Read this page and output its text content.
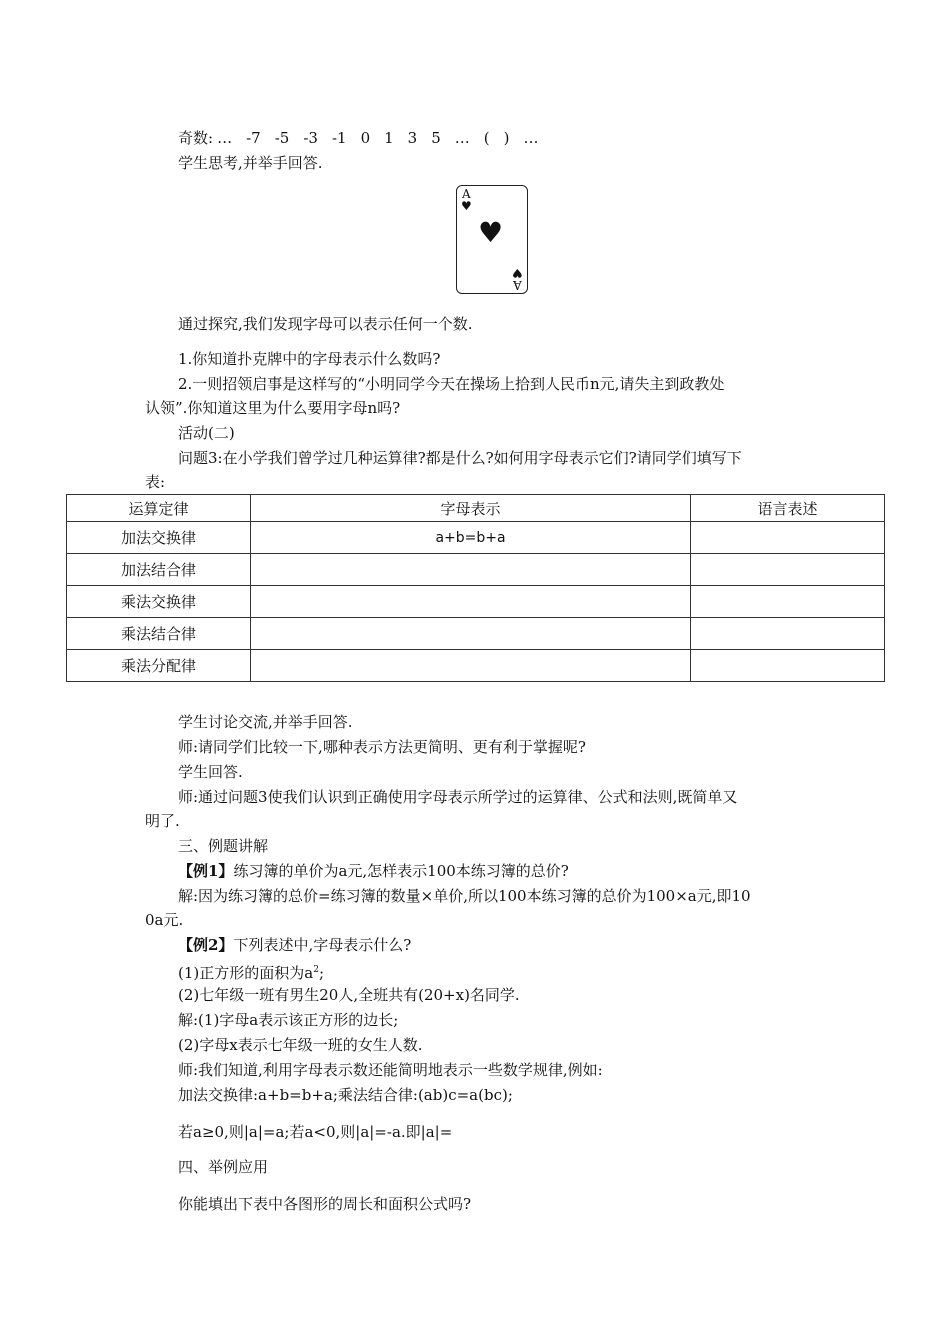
奇数: … -7 -5 -3 -1 0 1 3 5 … ( ) …
学生思考,并举手回答.
A
♥
♥
A
♥
通过探究,我们发现字母可以表示任何一个数.
1.你知道扑克牌中的字母表示什么数吗?
2.一则招领启事是这样写的“小明同学今天在操场上拾到人民币n元,请失主到政教处
认领”.你知道这里为什么要用字母n吗?
活动(二)
问题3:在小学我们曾学过几种运算律?都是什么?如何用字母表示它们?请同学们填写下
表:
运算定律	字母表示	语言表述
加法交换律	a+b=b+a	
加法结合律		
乘法交换律		
乘法结合律		
乘法分配律		
学生讨论交流,并举手回答.
师:请同学们比较一下,哪种表示方法更简明、更有利于掌握呢?
学生回答.
师:通过问题3使我们认识到正确使用字母表示所学过的运算律、公式和法则,既简单又
明了.
三、例题讲解
【例1】练习簿的单价为a元,怎样表示100本练习簿的总价?
解:因为练习簿的总价=练习簿的数量×单价,所以100本练习簿的总价为100×a元,即10
0a元.
【例2】下列表述中,字母表示什么?
(1)正方形的面积为$a^2$;
(2)七年级一班有男生20人,全班共有(20+x)名同学.
解:(1)字母a表示该正方形的边长;
(2)字母x表示七年级一班的女生人数.
师:我们知道,利用字母表示数还能简明地表示一些数学规律,例如:
加法交换律:a+b=b+a;乘法结合律:(ab)c=a(bc);
若a≥0,则|a|=a;若a<0,则|a|=-a.即|a|=
四、举例应用
你能填出下表中各图形的周长和面积公式吗?
